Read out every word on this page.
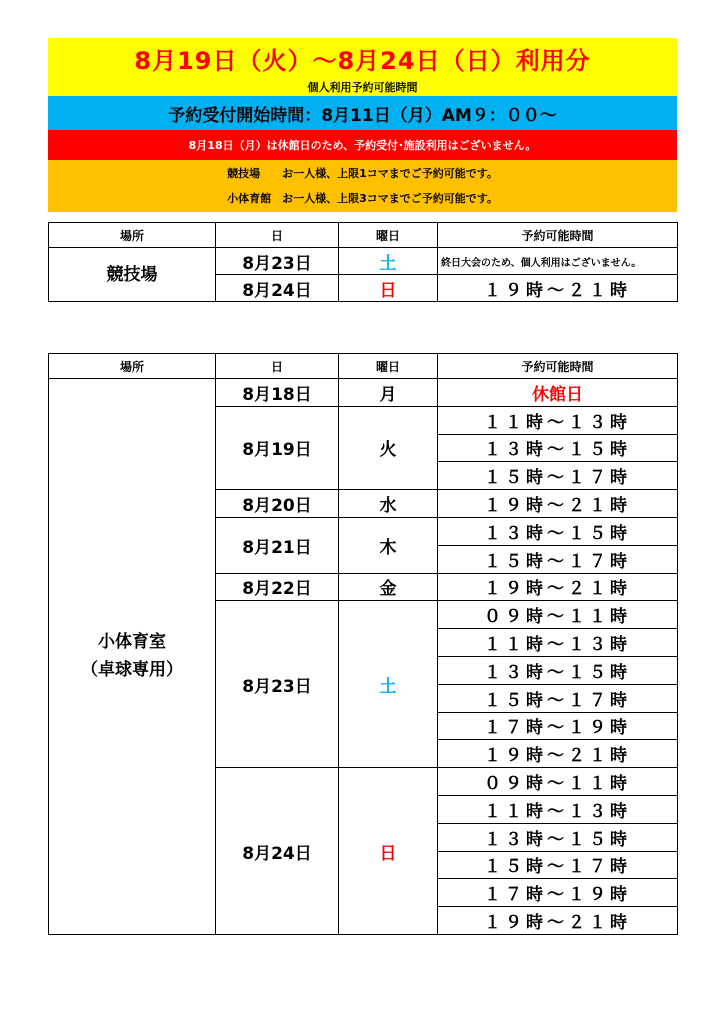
8月19日（火）～8月24日（日）利用分
個人利用予約可能時間
予約受付開始時間：8月11日（月）AM９：００～
8月18日（月）は休館日のため、予約受付･施設利用はございません。
競技場　　お一人様、上限1コマまでご予約可能です。
小体育館　お一人様、上限3コマまでご予約可能です。
場所	日	曜日	予約可能時間
競技場	8月23日	土	終日大会のため、個人利用はございません。
	8月24日	日	１９時～２１時
場所	日	曜日	予約可能時間

小体育室
（卓球専用）	8月18日	月	休館日
	8月19日	火	１１時～１３時
			１３時～１５時
			１５時～１７時
	8月20日	水	１９時～２１時
	8月21日	木	１３時～１５時
			１５時～１７時
	8月22日	金	１９時～２１時
	8月23日	土	０９時～１１時
			１１時～１３時
			１３時～１５時
			１５時～１７時
			１７時～１９時
			１９時～２１時
	8月24日	日	０９時～１１時
			１１時～１３時
			１３時～１５時
			１５時～１７時
			１７時～１９時
			１９時～２１時
